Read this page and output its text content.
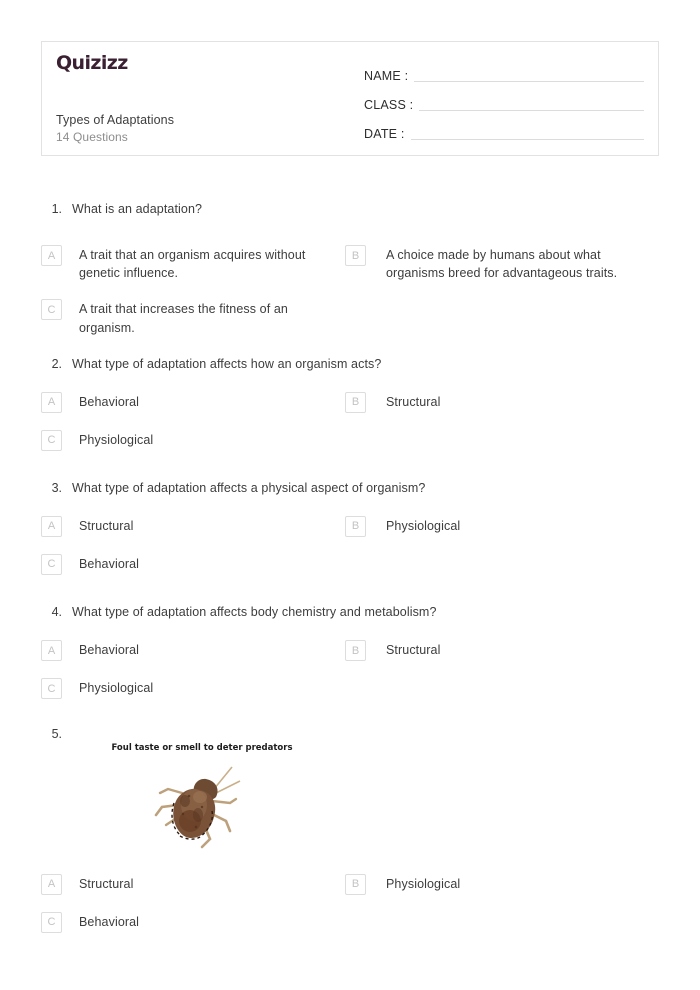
Quizizz
Types of Adaptations
14 Questions
NAME :
CLASS :
DATE :
1. What is an adaptation?
A	A trait that an organism acquires without genetic influence.
B	A choice made by humans about what organisms breed for advantageous traits.
C	A trait that increases the fitness of an organism.
2. What type of adaptation affects how an organism acts?
A	Behavioral	B	Structural
C	Physiological
3. What type of adaptation affects a physical aspect of organism?
A	Structural	B	Physiological
C	Behavioral
4. What type of adaptation affects body chemistry and metabolism?
A	Behavioral	B	Structural
C	Physiological
5.
Foul taste or smell to deter predators
A	Structural	B	Physiological
C	Behavioral
